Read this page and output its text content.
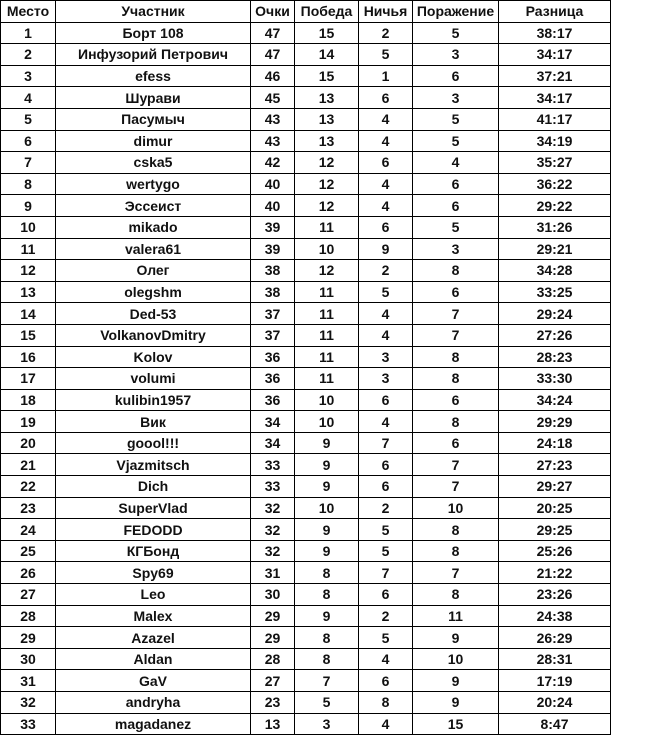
Место	Участник	Очки	Победа	Ничья	Поражение	Разница
1	Борт 108	47	15	2	5	38:17
2	Инфузорий Петрович	47	14	5	3	34:17
3	efess	46	15	1	6	37:21
4	Шурави	45	13	6	3	34:17
5	Пасумыч	43	13	4	5	41:17
6	dimur	43	13	4	5	34:19
7	cska5	42	12	6	4	35:27
8	wertygo	40	12	4	6	36:22
9	Эссеист	40	12	4	6	29:22
10	mikado	39	11	6	5	31:26
11	valera61	39	10	9	3	29:21
12	Олег	38	12	2	8	34:28
13	olegshm	38	11	5	6	33:25
14	Ded-53	37	11	4	7	29:24
15	VolkanovDmitry	37	11	4	7	27:26
16	Kolov	36	11	3	8	28:23
17	volumi	36	11	3	8	33:30
18	kulibin1957	36	10	6	6	34:24
19	Вик	34	10	4	8	29:29
20	goool!!!	34	9	7	6	24:18
21	Vjazmitsch	33	9	6	7	27:23
22	Dich	33	9	6	7	29:27
23	SuperVlad	32	10	2	10	20:25
24	FEDODD	32	9	5	8	29:25
25	КГБонд	32	9	5	8	25:26
26	Spy69	31	8	7	7	21:22
27	Leo	30	8	6	8	23:26
28	Malex	29	9	2	11	24:38
29	Azazel	29	8	5	9	26:29
30	Aldan	28	8	4	10	28:31
31	GaV	27	7	6	9	17:19
32	andryha	23	5	8	9	20:24
33	magadanez	13	3	4	15	8:47
